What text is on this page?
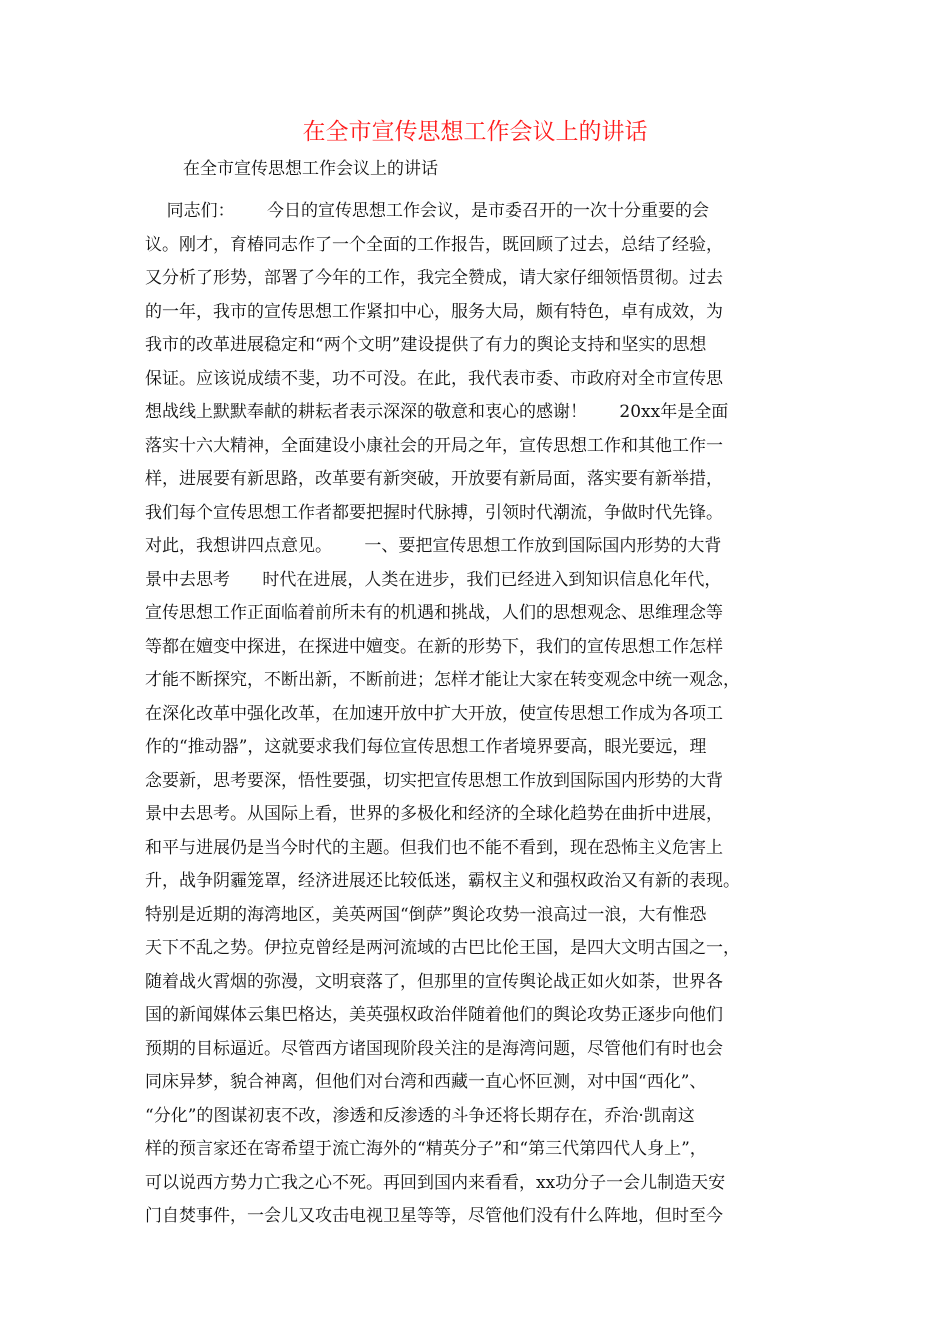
在全市宣传思想工作会议上的讲话

在全市宣传思想工作会议上的讲话

同志们：      今日的宣传思想工作会议，是市委召开的一次十分重要的会
议。刚才，育椿同志作了一个全面的工作报告，既回顾了过去，总结了经验，
又分析了形势，部署了今年的工作，我完全赞成，请大家仔细领悟贯彻。过去
的一年，我市的宣传思想工作紧扣中心，服务大局，颇有特色，卓有成效，为
我市的改革进展稳定和“两个文明”建设提供了有力的舆论支持和坚实的思想
保证。应该说成绩不斐，功不可没。在此，我代表市委、市政府对全市宣传思
想战线上默默奉献的耕耘者表示深深的敬意和衷心的感谢！      20xx年是全面
落实十六大精神，全面建设小康社会的开局之年，宣传思想工作和其他工作一
样，进展要有新思路，改革要有新突破，开放要有新局面，落实要有新举措，
我们每个宣传思想工作者都要把握时代脉搏，引领时代潮流，争做时代先锋。
对此，我想讲四点意见。      一、要把宣传思想工作放到国际国内形势的大背
景中去思考      时代在进展，人类在进步，我们已经进入到知识信息化年代，
宣传思想工作正面临着前所未有的机遇和挑战，人们的思想观念、思维理念等
等都在嬗变中探进，在探进中嬗变。在新的形势下，我们的宣传思想工作怎样
才能不断探究，不断出新，不断前进；怎样才能让大家在转变观念中统一观念，
在深化改革中强化改革，在加速开放中扩大开放，使宣传思想工作成为各项工
作的“推动器”，这就要求我们每位宣传思想工作者境界要高，眼光要远，理
念要新，思考要深，悟性要强，切实把宣传思想工作放到国际国内形势的大背
景中去思考。从国际上看，世界的多极化和经济的全球化趋势在曲折中进展，
和平与进展仍是当今时代的主题。但我们也不能不看到，现在恐怖主义危害上
升，战争阴霾笼罩，经济进展还比较低迷，霸权主义和强权政治又有新的表现。
特别是近期的海湾地区，美英两国“倒萨”舆论攻势一浪高过一浪，大有惟恐
天下不乱之势。伊拉克曾经是两河流域的古巴比伦王国，是四大文明古国之一，
随着战火霄烟的弥漫，文明衰落了，但那里的宣传舆论战正如火如荼，世界各
国的新闻媒体云集巴格达，美英强权政治伴随着他们的舆论攻势正逐步向他们
预期的目标逼近。尽管西方诸国现阶段关注的是海湾问题，尽管他们有时也会
同床异梦，貌合神离，但他们对台湾和西藏一直心怀叵测，对中国“西化”、
“分化”的图谋初衷不改，渗透和反渗透的斗争还将长期存在，乔治·凯南这
样的预言家还在寄希望于流亡海外的“精英分子”和“第三代第四代人身上”，
可以说西方势力亡我之心不死。再回到国内来看看，xx功分子一会儿制造天安
门自焚事件，一会儿又攻击电视卫星等等，尽管他们没有什么阵地，但时至今
